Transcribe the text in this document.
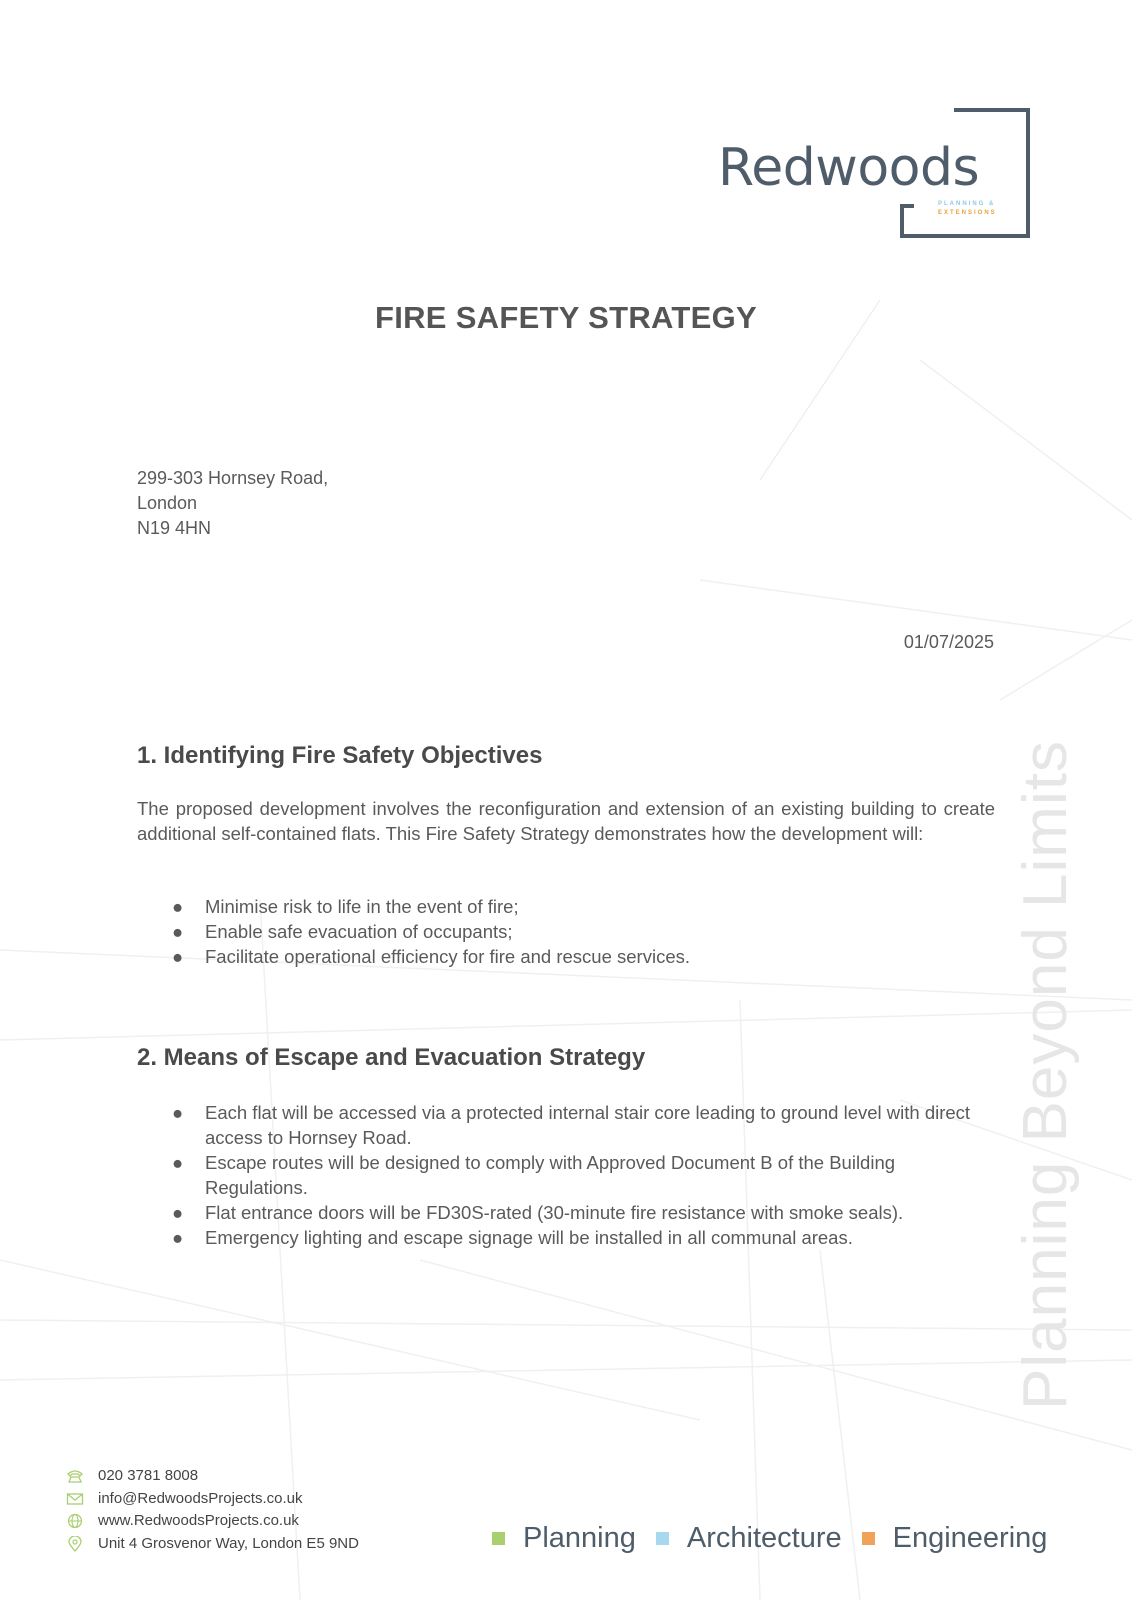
Redwoods
PLANNING &
EXTENSIONS
FIRE SAFETY STRATEGY
299-303 Hornsey Road,
London
N19 4HN
01/07/2025
1. Identifying Fire Safety Objectives
The proposed development involves the reconfiguration and extension of an existing building to create additional self-contained flats. This Fire Safety Strategy demonstrates how the development will:
● Minimise risk to life in the event of fire;
● Enable safe evacuation of occupants;
● Facilitate operational efficiency for fire and rescue services.
2. Means of Escape and Evacuation Strategy
● Each flat will be accessed via a protected internal stair core leading to ground level with direct access to Hornsey Road.
● Escape routes will be designed to comply with Approved Document B of the Building Regulations.
● Flat entrance doors will be FD30S-rated (30-minute fire resistance with smoke seals).
● Emergency lighting and escape signage will be installed in all communal areas.	Planning Beyond Limits
020 3781 8008
info@RedwoodsProjects.co.uk
www.RedwoodsProjects.co.uk
Unit 4 Grosvenor Way, London E5 9ND	Planning Architecture Engineering
